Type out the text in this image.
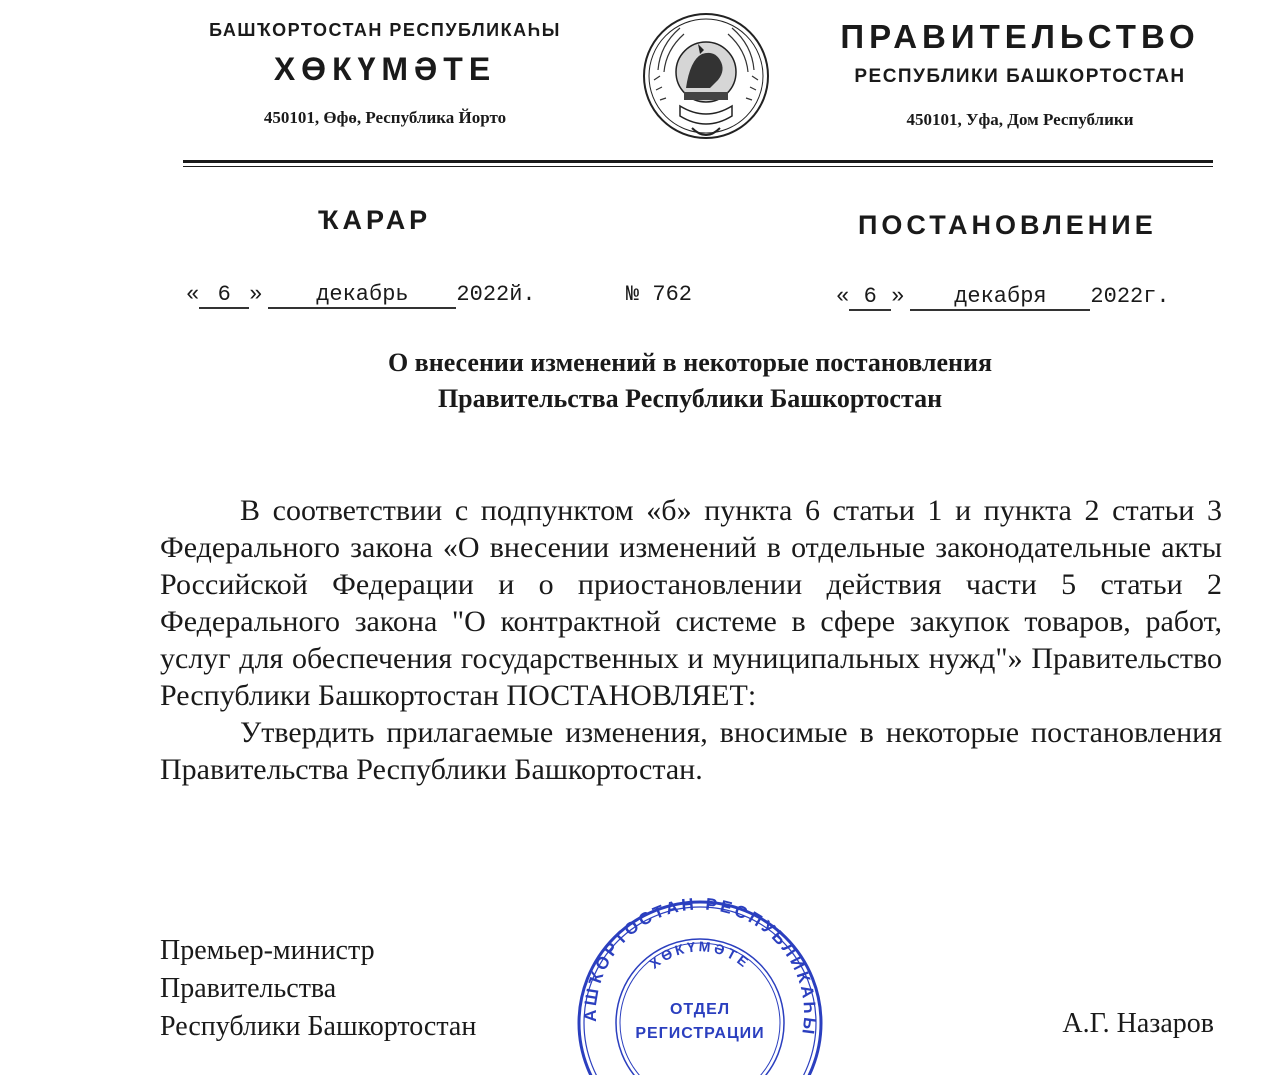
БАШҠОРТОСТАН РЕСПУБЛИКАҺЫ
ХӨКҮМӘТЕ
450101, Өфө, Республика Йорто
ПРАВИТЕЛЬСТВО
РЕСПУБЛИКИ БАШКОРТОСТАН
450101, Уфа, Дом Республики
ҠАРАР	ПОСТАНОВЛЕНИЕ
« 6 » декабрь 2022й.	№ 762	« 6 » декабря 2022г.
О внесении изменений в некоторые постановления
Правительства Республики Башкортостан

В соответствии с подпунктом «б» пункта 6 статьи 1 и пункта 2 статьи 3 Федерального закона «О внесении изменений в отдельные законодательные акты Российской Федерации и о приостановлении действия части 5 статьи 2 Федерального закона "О контрактной системе в сфере закупок товаров, работ, услуг для обеспечения государственных и муниципальных нужд"» Правительство Республики Башкортостан ПОСТАНОВЛЯЕТ:

Утвердить прилагаемые изменения, вносимые в некоторые постановления Правительства Республики Башкортостан.

Премьер-министр
Правительства
Республики Башкортостан	А.Г. Назаров
АШҠОРТОСТАН РЕСПУБЛИКАҺЫ
ХӨКҮМӘТЕ
ОТДЕЛ
РЕГИСТРАЦИИ
